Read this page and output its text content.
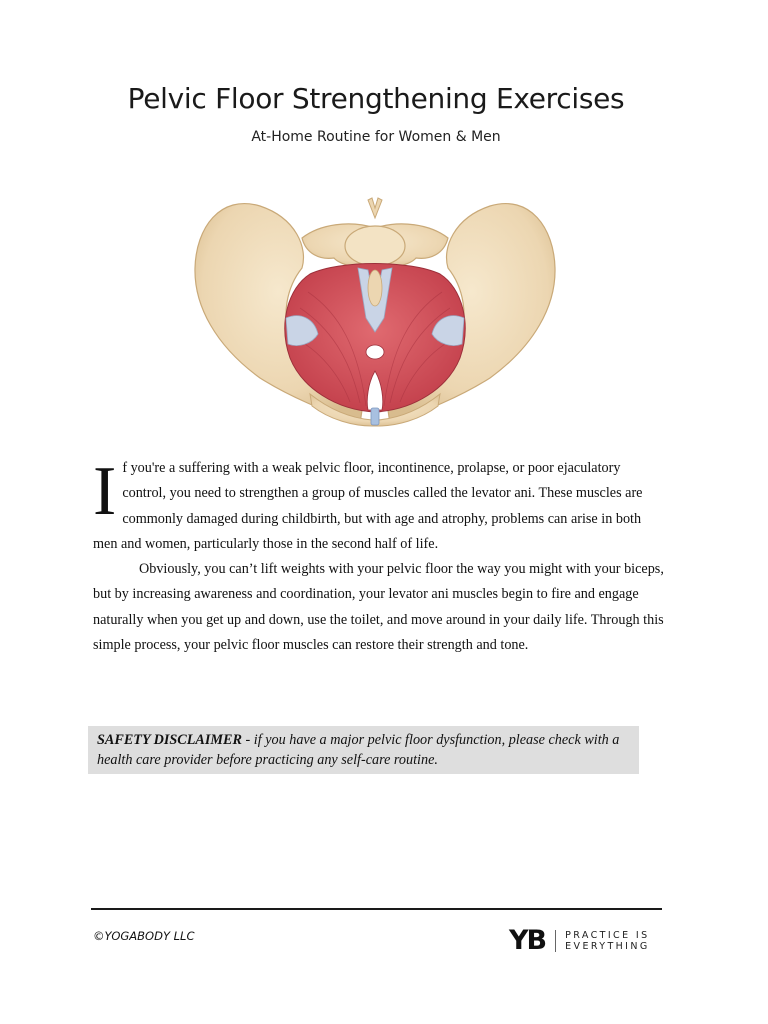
Pelvic Floor Strengthening Exercises
At-Home Routine for Women & Men

I f you're a suffering with a weak pelvic floor, incontinence, prolapse, or poor ejaculatory control, you need to strengthen a group of muscles called the levator ani. These muscles are commonly damaged during childbirth, but with age and atrophy, problems can arise in both men and women, particularly those in the second half of life.

Obviously, you can’t lift weights with your pelvic floor the way you might with your biceps, but by increasing awareness and coordination, your levator ani muscles begin to fire and engage naturally when you get up and down, use the toilet, and move around in your daily life. Through this simple process, your pelvic floor muscles can restore their strength and tone.

SAFETY DISCLAIMER - if you have a major pelvic floor dysfunction, please check with a health care provider before practicing any self-care routine.
©YOGABODY LLC	YB PRACTICE IS
EVERYTHING
